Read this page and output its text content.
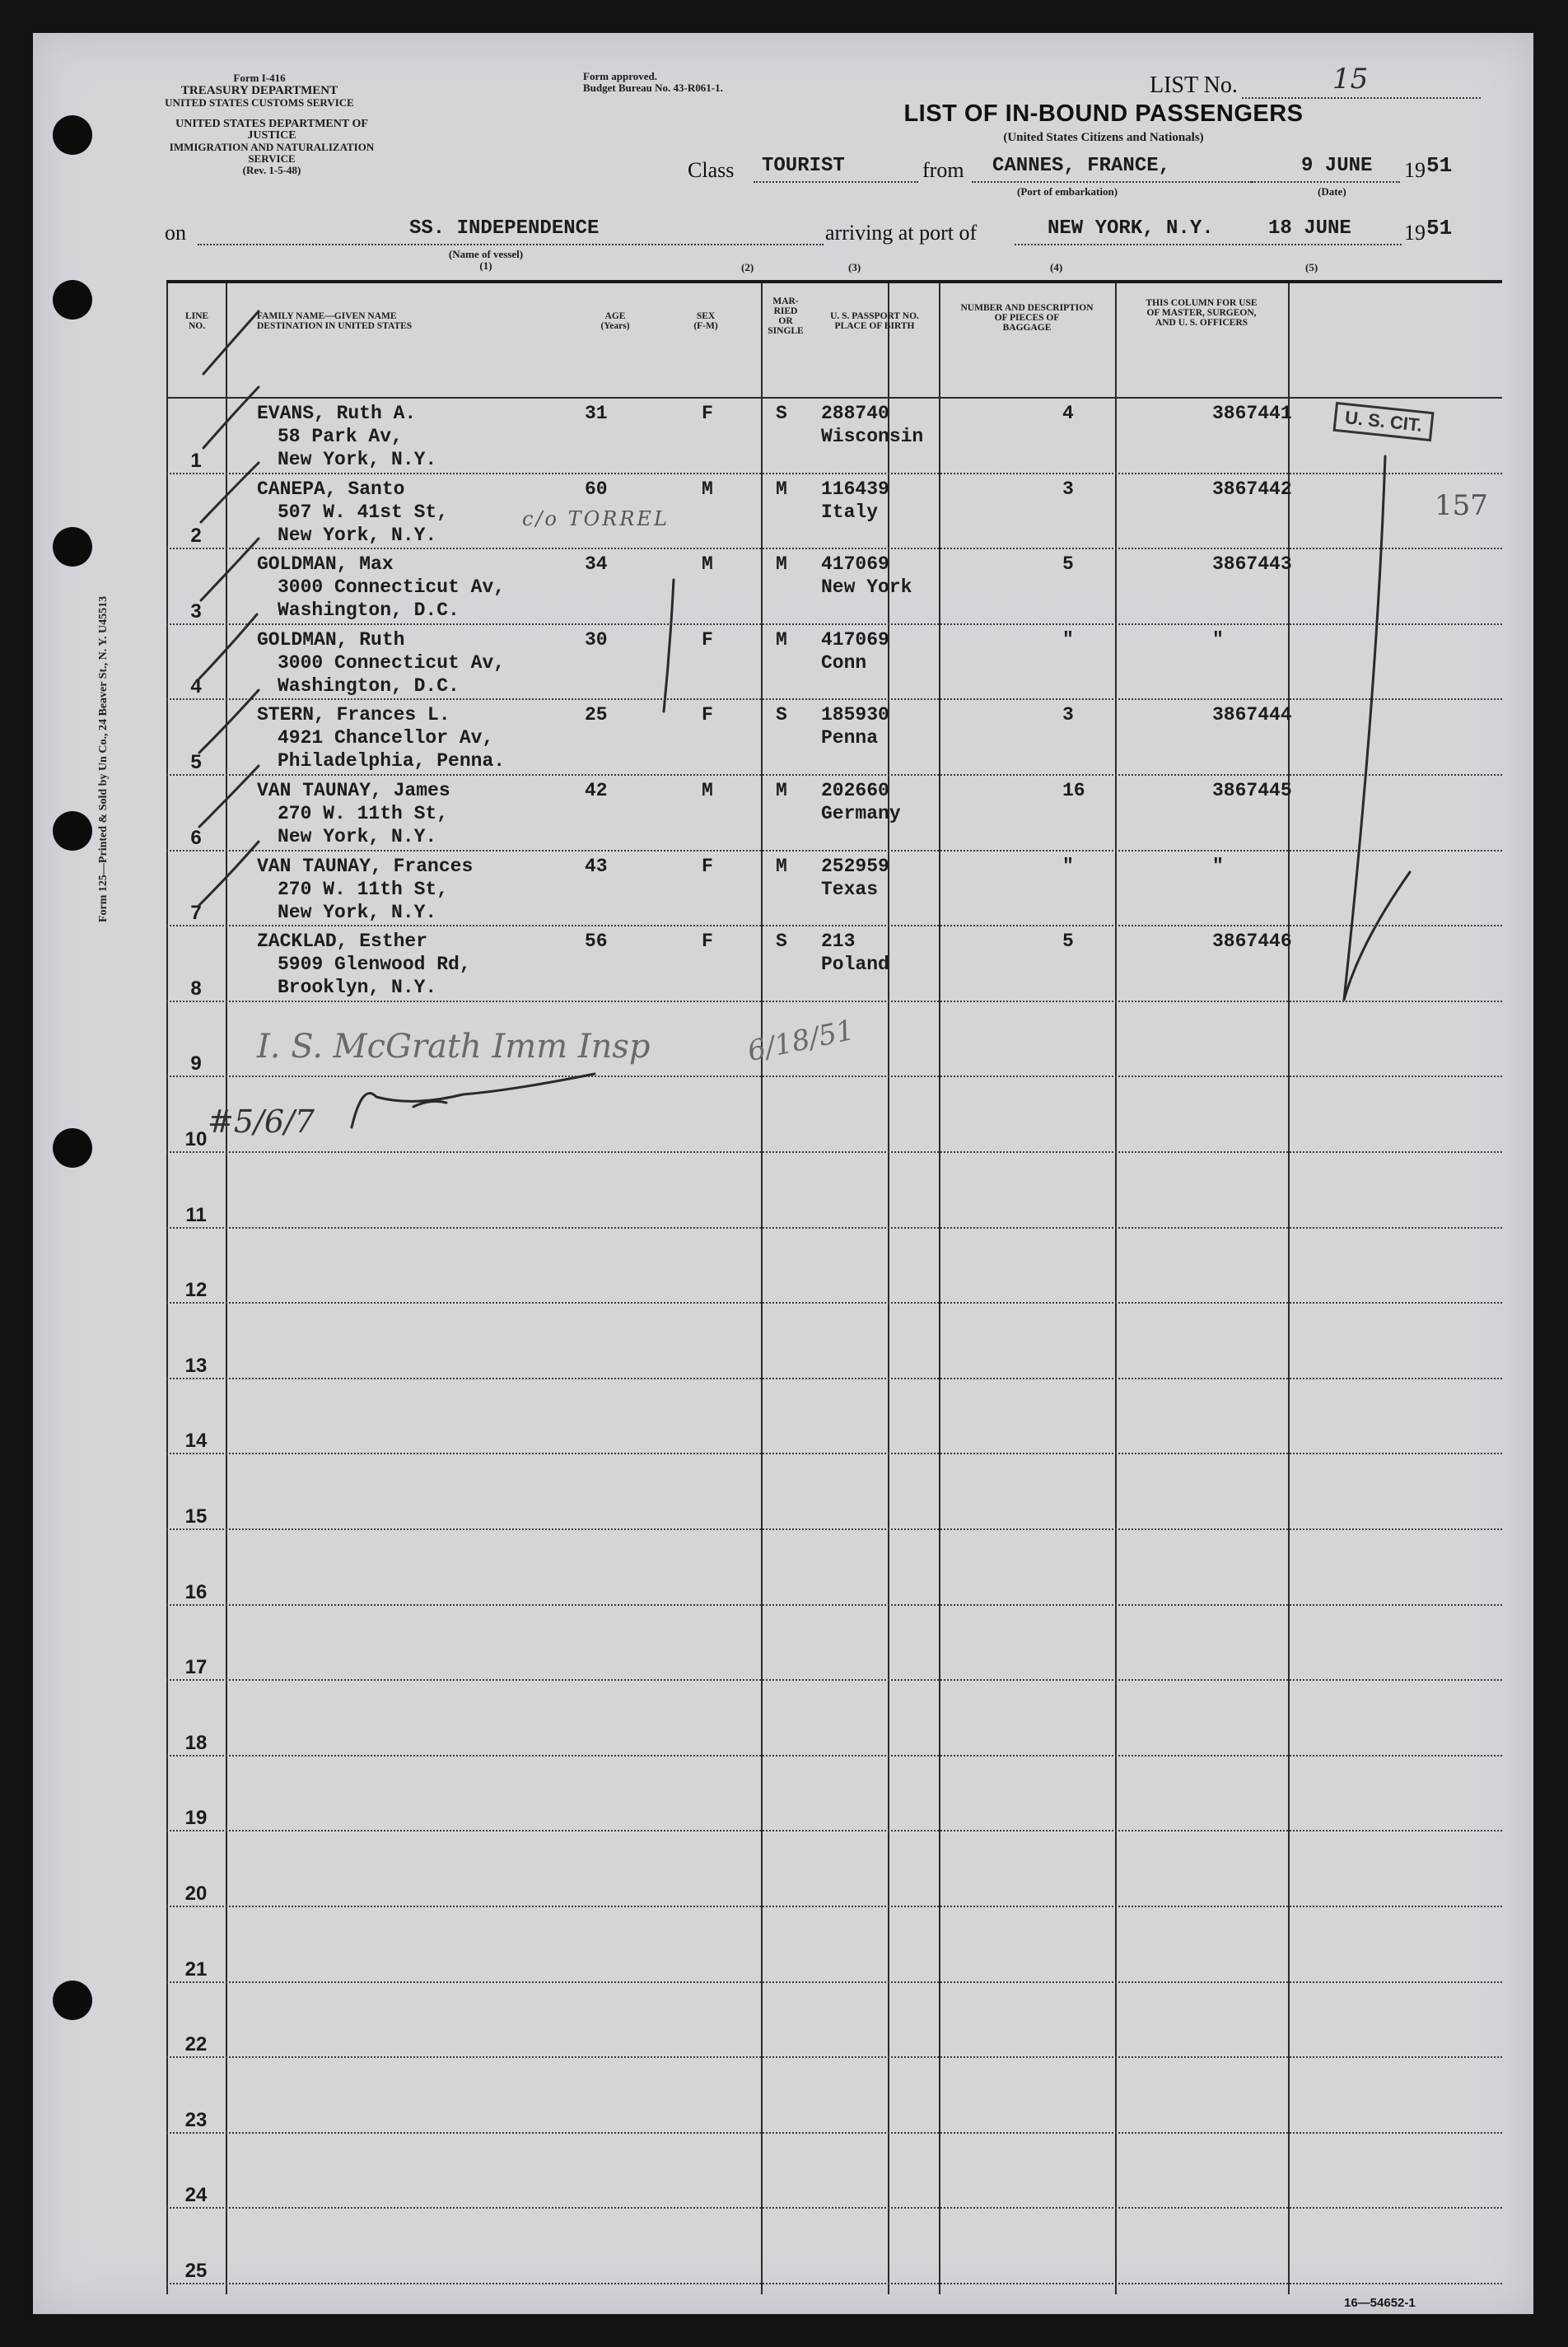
Form 125—Printed & Sold by Un Co., 24 Beaver St., N. Y. U45513
Form I-416
TREASURY DEPARTMENT
UNITED STATES CUSTOMS SERVICE
UNITED STATES DEPARTMENT OF JUSTICE
IMMIGRATION AND NATURALIZATION SERVICE
(Rev. 1-5-48)
Form approved.
Budget Bureau No. 43-R061-1.	LIST No.	15
LIST OF IN-BOUND PASSENGERS
(United States Citizens and Nationals)
Class TOURIST	from CANNES, FRANCE,
(Port of embarkation)
9 JUNE
(Date)
19 51
on	SS. INDEPENDENCE
(Name of vessel)
(1)
arriving at port of	NEW YORK, N.Y.	18 JUNE 19 51
(2)	(3)	(4)	(5)
LINE
NO.
FAMILY NAME—GIVEN NAME
DESTINATION IN UNITED STATES
AGE
(Years)
SEX
(F-M)
MAR-
RIED
OR
SINGLE
U. S. PASSPORT NO.
PLACE OF BIRTH
NUMBER AND DESCRIPTION
OF PIECES OF
BAGGAGE
THIS COLUMN FOR USE
OF MASTER, SURGEON,
AND U. S. OFFICERS
1
EVANS, Ruth A.
58 Park Av,
New York, N.Y.
31	F	S 288740
Wisconsin
4	3867441
2
CANEPA, Santo
507 W. 41st St,
New York, N.Y.
60	M	M 116439
Italy
3	3867442
3
GOLDMAN, Max
3000 Connecticut Av,
Washington, D.C.
34	M	M 417069
New York
5	3867443
4
GOLDMAN, Ruth
3000 Connecticut Av,
Washington, D.C.
30	F	M 417069
Conn
"	"
5
STERN, Frances L.
4921 Chancellor Av,
Philadelphia, Penna.
25	F	S 185930
Penna
3	3867444
6
VAN TAUNAY, James
270 W. 11th St,
New York, N.Y.
42	M	M 202660
Germany
16	3867445
7
VAN TAUNAY, Frances
270 W. 11th St,
New York, N.Y.
43	F	M 252959
Texas
"	"
8
ZACKLAD, Esther
5909 Glenwood Rd,
Brooklyn, N.Y.
56	F	S 213
Poland
5	3867446
9
10
11
12
13
14
15
16
17
18
19
20
21
22
23
24
25
U. S. CIT.
157
c/o TORREL
I. S. McGrath Imm Insp	6/18/51
#5/6/7
16—54652-1
